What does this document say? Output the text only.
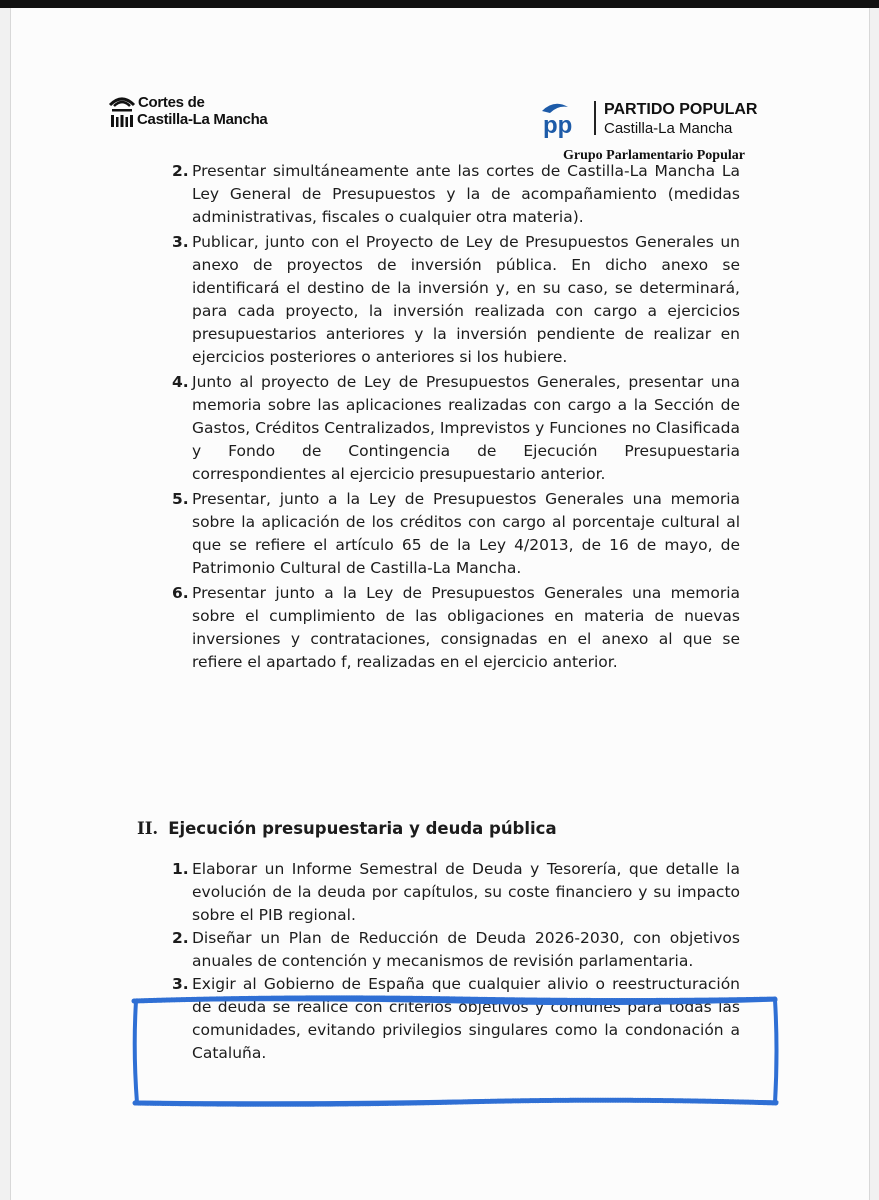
Cortes de
Castilla-La Mancha	pp
PARTIDO POPULAR
Castilla-La Mancha
Grupo Parlamentario Popular

2. Presentar simultáneamente ante las cortes de Castilla-La Mancha La Ley General de Presupuestos y la de acompañamiento (medidas administrativas, fiscales o cualquier otra materia).

3. Publicar, junto con el Proyecto de Ley de Presupuestos Generales un anexo de proyectos de inversión pública. En dicho anexo se identificará el destino de la inversión y, en su caso, se determinará, para cada proyecto, la inversión realizada con cargo a ejercicios presupuestarios anteriores y la inversión pendiente de realizar en ejercicios posteriores o anteriores si los hubiere.

4. Junto al proyecto de Ley de Presupuestos Generales, presentar una memoria sobre las aplicaciones realizadas con cargo a la Sección de Gastos, Créditos Centralizados, Imprevistos y Funciones no Clasificada y Fondo de Contingencia de Ejecución Presupuestaria correspondientes al ejercicio presupuestario anterior.

5. Presentar, junto a la Ley de Presupuestos Generales una memoria sobre la aplicación de los créditos con cargo al porcentaje cultural al que se refiere el artículo 65 de la Ley 4/2013, de 16 de mayo, de Patrimonio Cultural de Castilla-La Mancha.

6. Presentar junto a la Ley de Presupuestos Generales una memoria sobre el cumplimiento de las obligaciones en materia de nuevas inversiones y contrataciones, consignadas en el anexo al que se refiere el apartado f, realizadas en el ejercicio anterior.

II. Ejecución presupuestaria y deuda pública

1. Elaborar un Informe Semestral de Deuda y Tesorería, que detalle la evolución de la deuda por capítulos, su coste financiero y su impacto sobre el PIB regional.

2. Diseñar un Plan de Reducción de Deuda 2026-2030, con objetivos anuales de contención y mecanismos de revisión parlamentaria.

3. Exigir al Gobierno de España que cualquier alivio o reestructuración de deuda se realice con criterios objetivos y comunes para todas las comunidades, evitando privilegios singulares como la condonación a Cataluña.
